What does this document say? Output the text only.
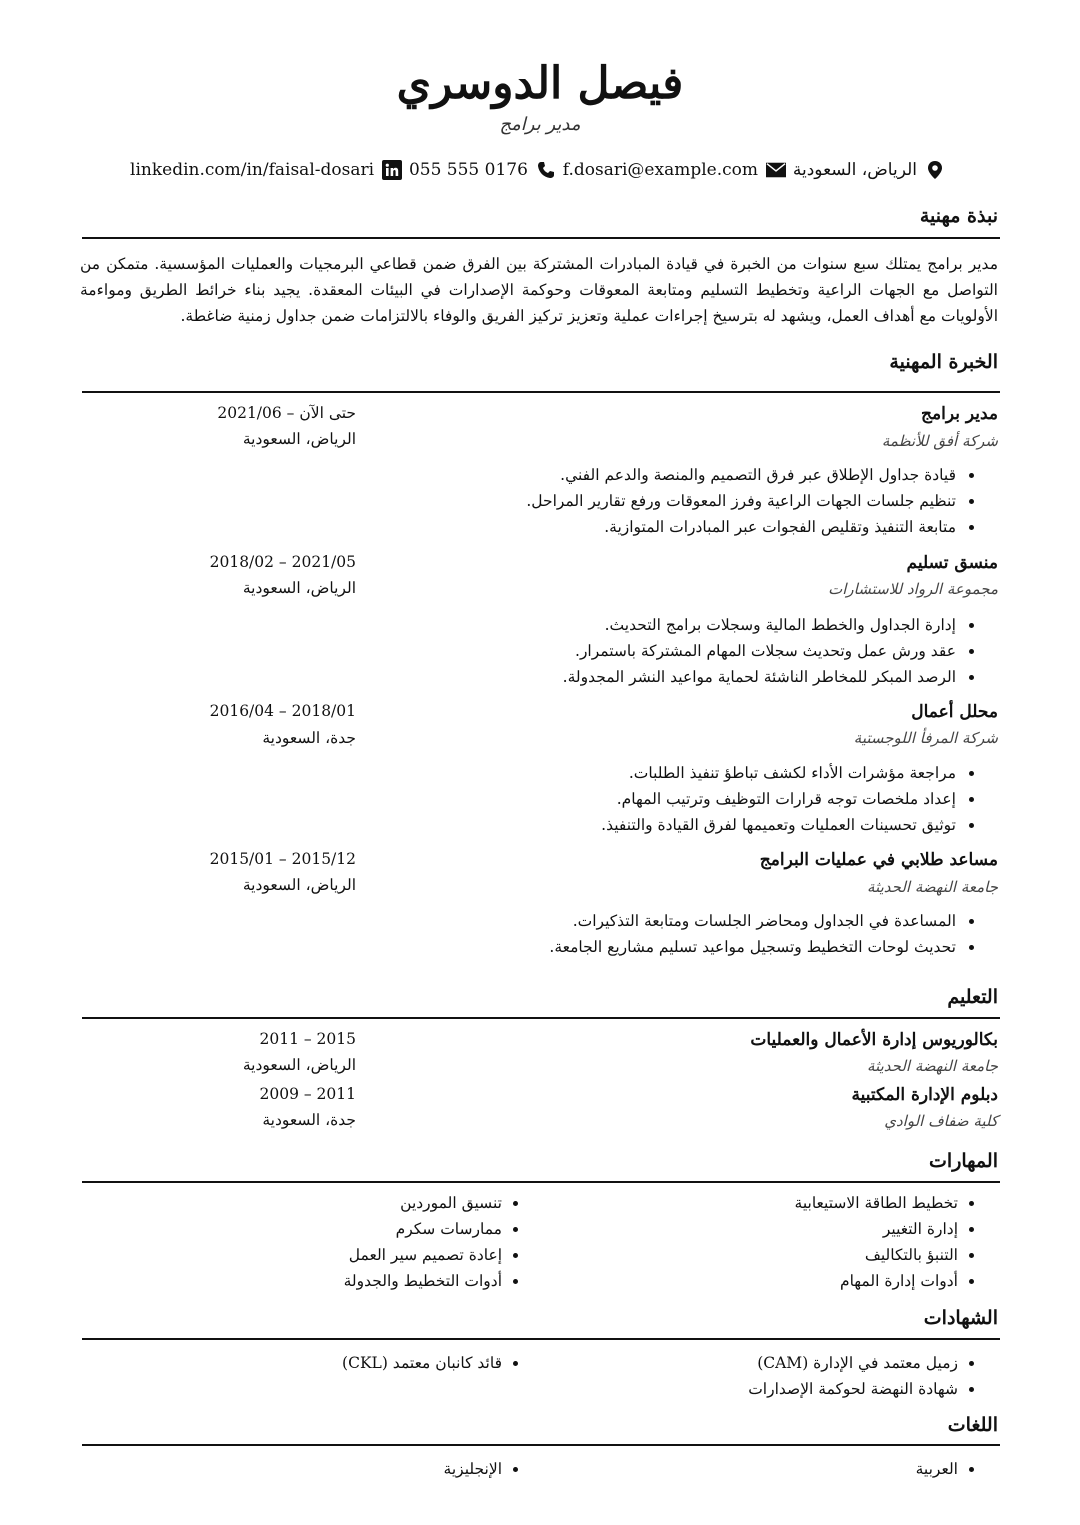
فيصل الدوسري
مدير برامج
الرياض، السعودية
f.dosari@example.com
055 555 0176
linkedin.com/in/faisal-dosari
نبذة مهنية
مدير برامج يمتلك سبع سنوات من الخبرة في قيادة المبادرات المشتركة بين الفرق ضمن قطاعي البرمجيات والعمليات المؤسسية. متمكن من التواصل مع الجهات الراعية وتخطيط التسليم ومتابعة المعوقات وحوكمة الإصدارات في البيئات المعقدة. يجيد بناء خرائط الطريق ومواءمة الأولويات مع أهداف العمل، ويشهد له بترسيخ إجراءات عملية وتعزيز تركيز الفريق والوفاء بالالتزامات ضمن جداول زمنية ضاغطة.
الخبرة المهنية
مدير برامج
شركة أفق للأنظمة
2021/06 – حتى الآن
الرياض، السعودية
• قيادة جداول الإطلاق عبر فرق التصميم والمنصة والدعم الفني.
• تنظيم جلسات الجهات الراعية وفرز المعوقات ورفع تقارير المراحل.
• متابعة التنفيذ وتقليص الفجوات عبر المبادرات المتوازية.
منسق تسليم
مجموعة الرواد للاستشارات
2018/02 – 2021/05
الرياض، السعودية
• إدارة الجداول والخطط المالية وسجلات برامج التحديث.
• عقد ورش عمل وتحديث سجلات المهام المشتركة باستمرار.
• الرصد المبكر للمخاطر الناشئة لحماية مواعيد النشر المجدولة.
محلل أعمال
شركة المرفأ اللوجستية
2016/04 – 2018/01
جدة، السعودية
• مراجعة مؤشرات الأداء لكشف تباطؤ تنفيذ الطلبات.
• إعداد ملخصات توجه قرارات التوظيف وترتيب المهام.
• توثيق تحسينات العمليات وتعميمها لفرق القيادة والتنفيذ.
مساعد طلابي في عمليات البرامج
جامعة النهضة الحديثة
2015/01 – 2015/12
الرياض، السعودية
• المساعدة في الجداول ومحاضر الجلسات ومتابعة التذكيرات.
• تحديث لوحات التخطيط وتسجيل مواعيد تسليم مشاريع الجامعة.
التعليم
بكالوريوس إدارة الأعمال والعمليات
جامعة النهضة الحديثة
2011 – 2015
الرياض، السعودية
دبلوم الإدارة المكتبية
كلية ضفاف الوادي
2009 – 2011
جدة، السعودية
المهارات
• تخطيط الطاقة الاستيعابية
• إدارة التغيير
• التنبؤ بالتكاليف
• أدوات إدارة المهام
• تنسيق الموردين
• ممارسات سكرم
• إعادة تصميم سير العمل
• أدوات التخطيط والجدولة
الشهادات
• زميل معتمد في الإدارة (CAM)
• شهادة النهضة لحوكمة الإصدارات
• قائد كانبان معتمد (CKL)
اللغات
• العربية
• الإنجليزية
